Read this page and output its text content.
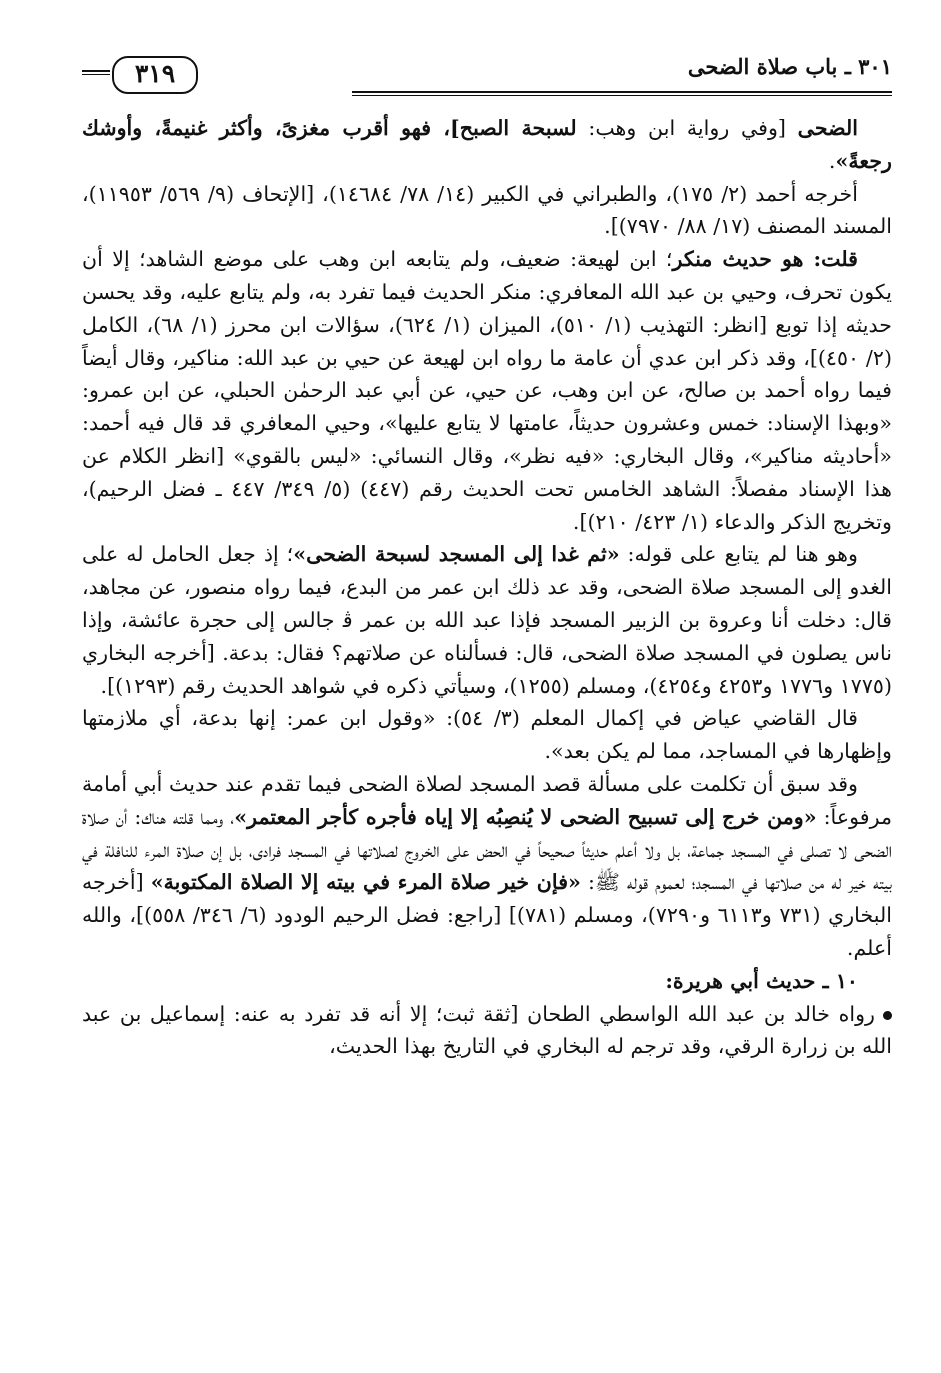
٣٠١ ـ باب صلاة الضحى
٣١٩

الضحى [وفي رواية ابن وهب: لسبحة الصبح]، فهو أقرب مغزىً، وأكثر غنيمةً، وأوشك رجعةً».

أخرجه أحمد (٢/ ١٧٥)، والطبراني في الكبير (١٤/ ٧٨/ ١٤٦٨٤)، [الإتحاف (٩/ ٥٦٩/ ١١٩٥٣)، المسند المصنف (١٧/ ٨٨/ ٧٩٧٠)].

قلت: هو حديث منكر؛ ابن لهيعة: ضعيف، ولم يتابعه ابن وهب على موضع الشاهد؛ إلا أن يكون تحرف، وحيي بن عبد الله المعافري: منكر الحديث فيما تفرد به، ولم يتابع عليه، وقد يحسن حديثه إذا توبع [انظر: التهذيب (١/ ٥١٠)، الميزان (١/ ٦٢٤)، سؤالات ابن محرز (١/ ٦٨)، الكامل (٢/ ٤٥٠)]، وقد ذكر ابن عدي أن عامة ما رواه ابن لهيعة عن حيي بن عبد الله: مناكير، وقال أيضاً فيما رواه أحمد بن صالح، عن ابن وهب، عن حيي، عن أبي عبد الرحمٰن الحبلي، عن ابن عمرو: «وبهذا الإسناد: خمس وعشرون حديثاً، عامتها لا يتابع عليها»، وحيي المعافري قد قال فيه أحمد: «أحاديثه مناكير»، وقال البخاري: «فيه نظر»، وقال النسائي: «ليس بالقوي» [انظر الكلام عن هذا الإسناد مفصلاً: الشاهد الخامس تحت الحديث رقم (٤٤٧) (٥/ ٣٤٩/ ٤٤٧ ـ فضل الرحيم)، وتخريج الذكر والدعاء (١/ ٤٢٣/ ٢١٠)].

وهو هنا لم يتابع على قوله: «ثم غدا إلى المسجد لسبحة الضحى»؛ إذ جعل الحامل له على الغدو إلى المسجد صلاة الضحى، وقد عد ذلك ابن عمر من البدع، فيما رواه منصور، عن مجاهد، قال: دخلت أنا وعروة بن الزبير المسجد فإذا عبد الله بن عمر ﭬ جالس إلى حجرة عائشة، وإذا ناس يصلون في المسجد صلاة الضحى، قال: فسألناه عن صلاتهم؟ فقال: بدعة. [أخرجه البخاري (١٧٧٥ و١٧٧٦ و٤٢٥٣ و٤٢٥٤)، ومسلم (١٢٥٥)، وسيأتي ذكره في شواهد الحديث رقم (١٢٩٣)].

قال القاضي عياض في إكمال المعلم (٣/ ٥٤): «وقول ابن عمر: إنها بدعة، أي ملازمتها وإظهارها في المساجد، مما لم يكن بعد».

وقد سبق أن تكلمت على مسألة قصد المسجد لصلاة الضحى فيما تقدم عند حديث أبي أمامة مرفوعاً: «ومن خرج إلى تسبيح الضحى لا يُنصِبُه إلا إياه فأجره كأجر المعتمر»، ومما قلته هناك: أن صلاة الضحى لا تصلى في المسجد جماعة، بل ولا أعلم حديثاً صحيحاً في الحض على الخروج لصلاتها في المسجد فرادى، بل إن صلاة المرء للنافلة في بيته خير له من صلاتها في المسجد؛ لعموم قوله ﷺ: «فإن خير صلاة المرء في بيته إلا الصلاة المكتوبة» [أخرجه البخاري (٧٣١ و٦١١٣ و٧٢٩٠)، ومسلم (٧٨١)] [راجع: فضل الرحيم الودود (٦/ ٣٤٦/ ٥٥٨)]، والله أعلم.

١٠ ـ حديث أبي هريرة:

رواه خالد بن عبد الله الواسطي الطحان [ثقة ثبت؛ إلا أنه قد تفرد به عنه: إسماعيل بن عبد الله بن زرارة الرقي، وقد ترجم له البخاري في التاريخ بهذا الحديث،
